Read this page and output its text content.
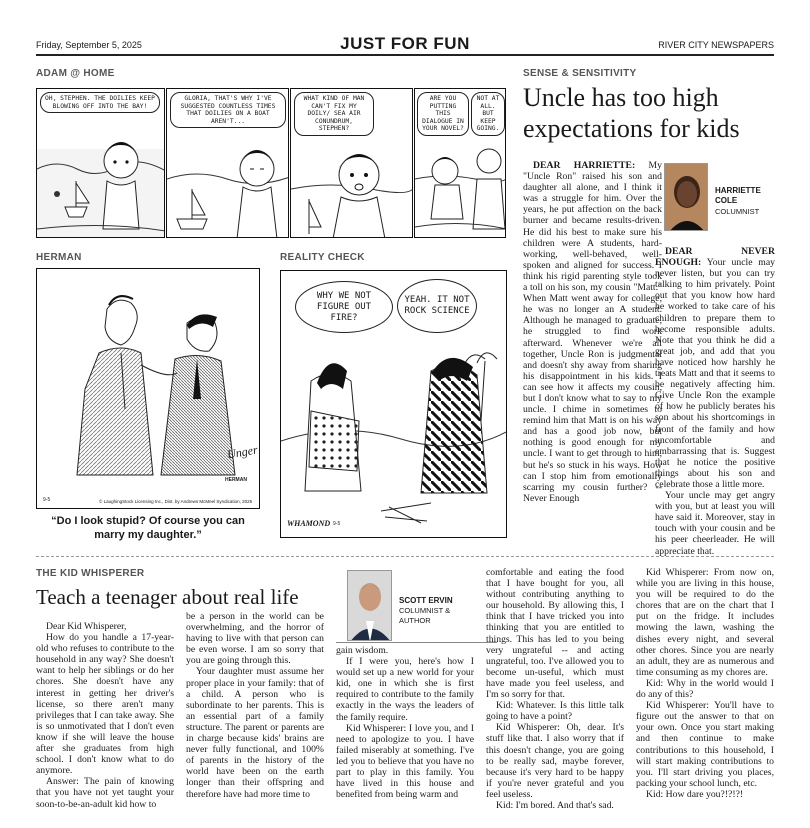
Friday, September 5, 2025	JUST FOR FUN	RIVER CITY NEWSPAPERS
ADAM @ HOME
OH, STEPHEN. THE DOILIES KEEP BLOWING OFF INTO THE BAY!
GLORIA, THAT'S WHY I'VE SUGGESTED COUNTLESS TIMES THAT DOILIES ON A BOAT AREN'T...
WHAT KIND OF MAN CAN'T FIX MY DOILY/ SEA AIR CONUNDRUM, STEPHEN?
ARE YOU PUTTING THIS DIALOGUE IN YOUR NOVEL?
NOT AT ALL. BUT KEEP GOING.
HERMAN
Unger
HERMAN
9-5	© LaughingStock Licensing Inc., Dist. by Andrews McMeel Syndication, 2025
“Do I look stupid? Of course you can marry my daughter.”
REALITY CHECK
WHY WE NOT FIGURE OUT FIRE?
YEAH. IT NOT ROCK SCIENCE
WHAMOND 9-5
SENSE & SENSITIVITY
Uncle has too high expectations for kids

DEAR HARRIETTE: My "Uncle Ron" raised his son and daughter all alone, and I think it was a struggle for him. Over the years, he put affection on the back burner and became results-driven. He did his best to make sure his children were A students, hard-working, well-behaved, well-spoken and aligned for success. I think his rigid parenting style took a toll on his son, my cousin "Matt." When Matt went away for college, he was no longer an A student. Although he managed to graduate, he struggled to find work afterward. Whenever we're all together, Uncle Ron is judgmental and doesn't shy away from sharing his disappointment in his kids. I can see how it affects my cousin, but I don't know what to say to my uncle. I chime in sometimes to remind him that Matt is on his way and has a good job now, but nothing is good enough for my uncle. I want to get through to him, but he's so stuck in his ways. How can I stop him from emotionally scarring my cousin further? -- Never Enough

HARRIETTE
COLE
COLUMNIST

DEAR NEVER ENOUGH: Your uncle may never listen, but you can try talking to him privately. Point out that you know how hard he worked to take care of his children to prepare them to become responsible adults. Note that you think he did a great job, and add that you have noticed how harshly he treats Matt and that it seems to be negatively affecting him. Give Uncle Ron the example of how he publicly berates his son about his shortcomings in front of the family and how uncomfortable and embarrassing that is. Suggest that he notice the positive things about his son and celebrate those a little more.

Your uncle may get angry with you, but at least you will have said it. Moreover, stay in touch with your cousin and be his peer cheerleader. He will appreciate that.

THE KID WHISPERER
Teach a teenager about real life	SCOTT ERVIN
COLUMNIST &
AUTHOR

Dear Kid Whisperer,

How do you handle a 17-year-old who refuses to contribute to the household in any way? She doesn't want to help her siblings or do her chores. She doesn't have any interest in getting her driver's license, so there aren't many privileges that I can take away. She is so unmotivated that I don't even know if she will leave the house after she graduates from high school. I don't know what to do anymore.

Answer: The pain of knowing that you have not yet taught your soon-to-be-an-adult kid how to

be a person in the world can be overwhelming, and the horror of having to live with that person can be even worse. I am so sorry that you are going through this.

Your daughter must assume her proper place in your family: that of a child. A person who is subordinate to her parents. This is an essential part of a family structure. The parent or parents are in charge because kids' brains are never fully functional, and 100% of parents in the history of the world have been on the earth longer than their offspring and therefore have had more time to

gain wisdom.

If I were you, here's how I would set up a new world for your kid, one in which she is first required to contribute to the family exactly in the ways the leaders of the family require.

Kid Whisperer: I love you, and I need to apologize to you. I have failed miserably at something. I've led you to believe that you have no part to play in this family. You have lived in this house and benefited from being warm and

comfortable and eating the food that I have bought for you, all without contributing anything to our household. By allowing this, I think that I have tricked you into thinking that you are entitled to things. This has led to you being very ungrateful -- and acting ungrateful, too. I've allowed you to become un-useful, which must have made you feel useless, and I'm so sorry for that.

Kid: Whatever. Is this little talk going to have a point?

Kid Whisperer: Oh, dear. It's stuff like that. I also worry that if this doesn't change, you are going to be really sad, maybe forever, because it's very hard to be happy if you're never grateful and you feel useless.

Kid: I'm bored. And that's sad.

Kid Whisperer: From now on, while you are living in this house, you will be required to do the chores that are on the chart that I put on the fridge. It includes mowing the lawn, washing the dishes every night, and several other chores. Since you are nearly an adult, they are as numerous and time consuming as my chores are.

Kid: Why in the world would I do any of this?

Kid Whisperer: You'll have to figure out the answer to that on your own. Once you start making and then continue to make contributions to this household, I will start making contributions to you. I'll start driving you places, packing your school lunch, etc.

Kid: How dare you?!?!?!
